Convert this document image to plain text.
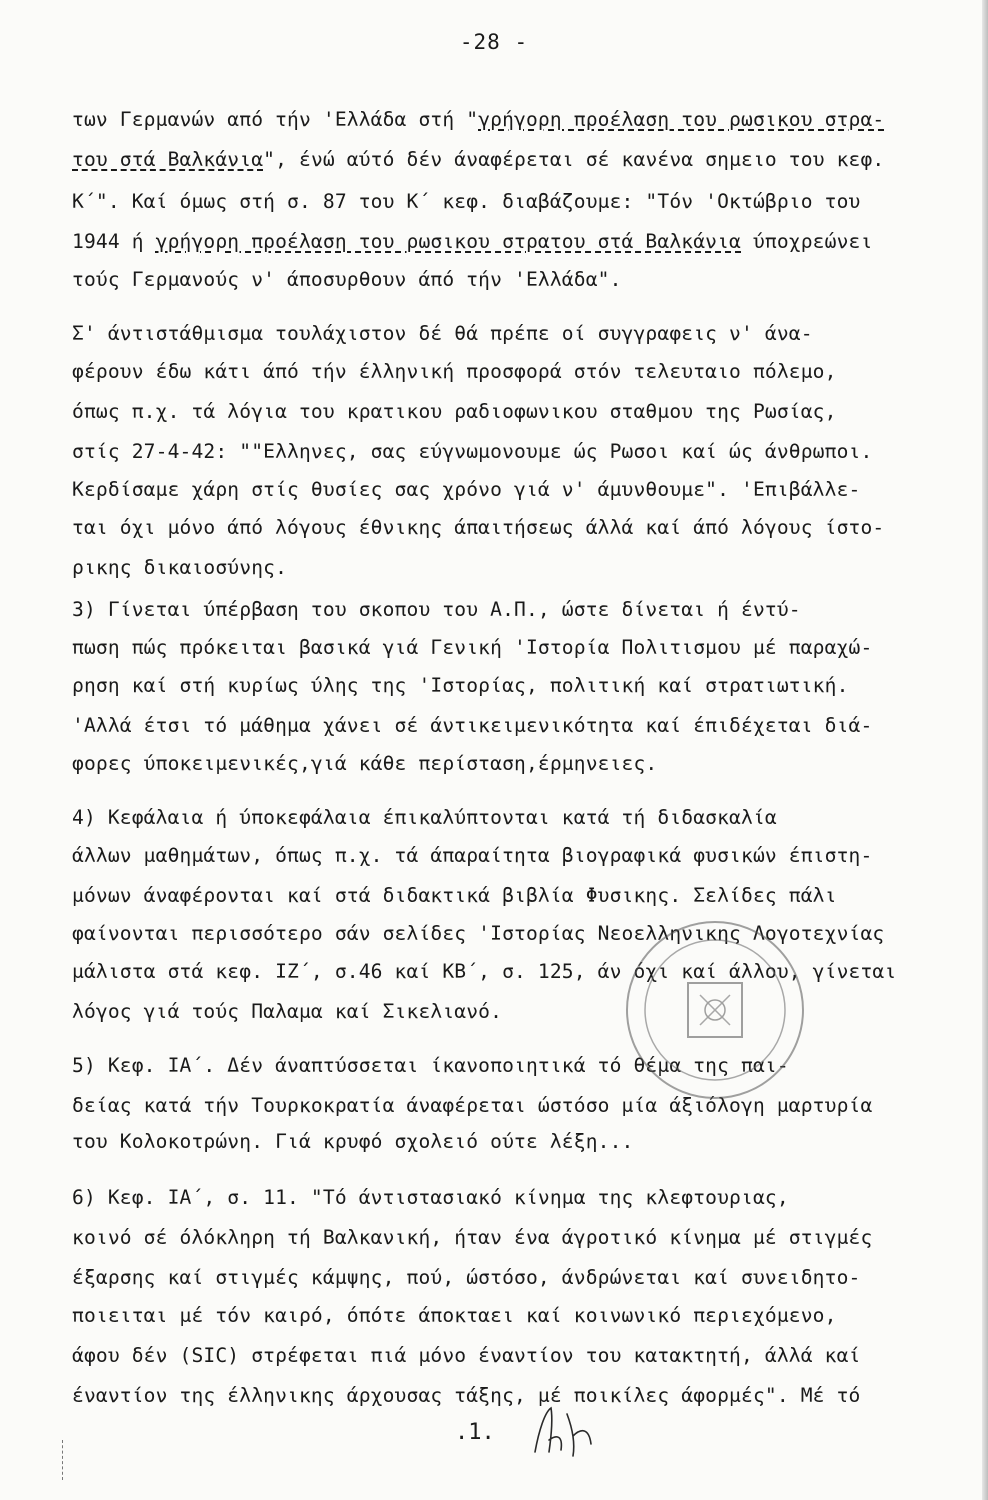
-28 -
των Γερμανών από τήν 'Ελλάδα στή "γρήγορη προέλαση του ρωσικου στρα-
του στά Βαλκάνια", ένώ αύτό δέν άναφέρεται σέ κανένα σημειο του κεφ.
Κ΄". Καί όμως στή σ. 87 του Κ΄ κεφ. διαβάζουμε: "Τόν 'Οκτώβριο του
1944 ή γρήγορη προέλαση του ρωσικου στρατου στά Βαλκάνια ύποχρεώνει
τούς Γερμανούς ν' άποσυρθουν άπό τήν 'Ελλάδα".
Σ' άντιστάθμισμα τουλάχιστον δέ θά πρέπε οί συγγραφεις ν' άνα-
φέρουν έδω κάτι άπό τήν έλληνική προσφορά στόν τελευταιο πόλεμο,
όπως π.χ. τά λόγια του κρατικου ραδιοφωνικου σταθμου της Ρωσίας,
στίς 27-4-42: ""Ελληνες, σας εύγνωμονουμε ώς Ρωσοι καί ώς άνθρωποι.
Κερδίσαμε χάρη στίς θυσίες σας χρόνο γιά ν' άμυνθουμε". 'Επιβάλλε-
ται όχι μόνο άπό λόγους έθνικης άπαιτήσεως άλλά καί άπό λόγους ίστο-
ρικης δικαιοσύνης.
3) Γίνεται ύπέρβαση του σκοπου του Α.Π., ώστε δίνεται ή έντύ-
πωση πώς πρόκειται βασικά γιά Γενική 'Ιστορία Πολιτισμου μέ παραχώ-
ρηση καί στή κυρίως ύλης της 'Ιστορίας, πολιτική καί στρατιωτική.
'Αλλά έτσι τό μάθημα χάνει σέ άντικειμενικότητα καί έπιδέχεται διά-
φορες ύποκειμενικές,γιά κάθε περίσταση,έρμηνειες.
4) Κεφάλαια ή ύποκεφάλαια έπικαλύπτονται κατά τή διδασκαλία
άλλων μαθημάτων, όπως π.χ. τά άπαραίτητα βιογραφικά φυσικών έπιστη-
μόνων άναφέρονται καί στά διδακτικά βιβλία Φυσικης. Σελίδες πάλι
φαίνονται περισσότερο σάν σελίδες 'Ιστορίας Νεοελληνικης Λογοτεχνίας
μάλιστα στά κεφ. ΙΖ΄, σ.46 καί ΚΒ΄, σ. 125, άν όχι καί άλλου, γίνεται
λόγος γιά τούς Παλαμα καί Σικελιανό.
5) Κεφ. ΙΑ΄. Δέν άναπτύσσεται ίκανοποιητικά τό θέμα της παι-
δείας κατά τήν Τουρκοκρατία άναφέρεται ώστόσο μία άξιόλογη μαρτυρία
του Κολοκοτρώνη. Γιά κρυφό σχολειό ούτε λέξη...
6) Κεφ. ΙΑ΄, σ. 11. "Τό άντιστασιακό κίνημα της κλεφτουριας,
κοινό σέ όλόκληρη τή Βαλκανική, ήταν ένα άγροτικό κίνημα μέ στιγμές
έξαρσης καί στιγμές κάμψης, πού, ώστόσο, άνδρώνεται καί συνειδητο-
ποιειται μέ τόν καιρό, όπότε άποκταει καί κοινωνικό περιεχόμενο,
άφου δέν (SIC) στρέφεται πιά μόνο έναντίον του κατακτητή, άλλά καί
έναντίον της έλληνικης άρχουσας τάξης, μέ ποικίλες άφορμές". Μέ τό
.1.
